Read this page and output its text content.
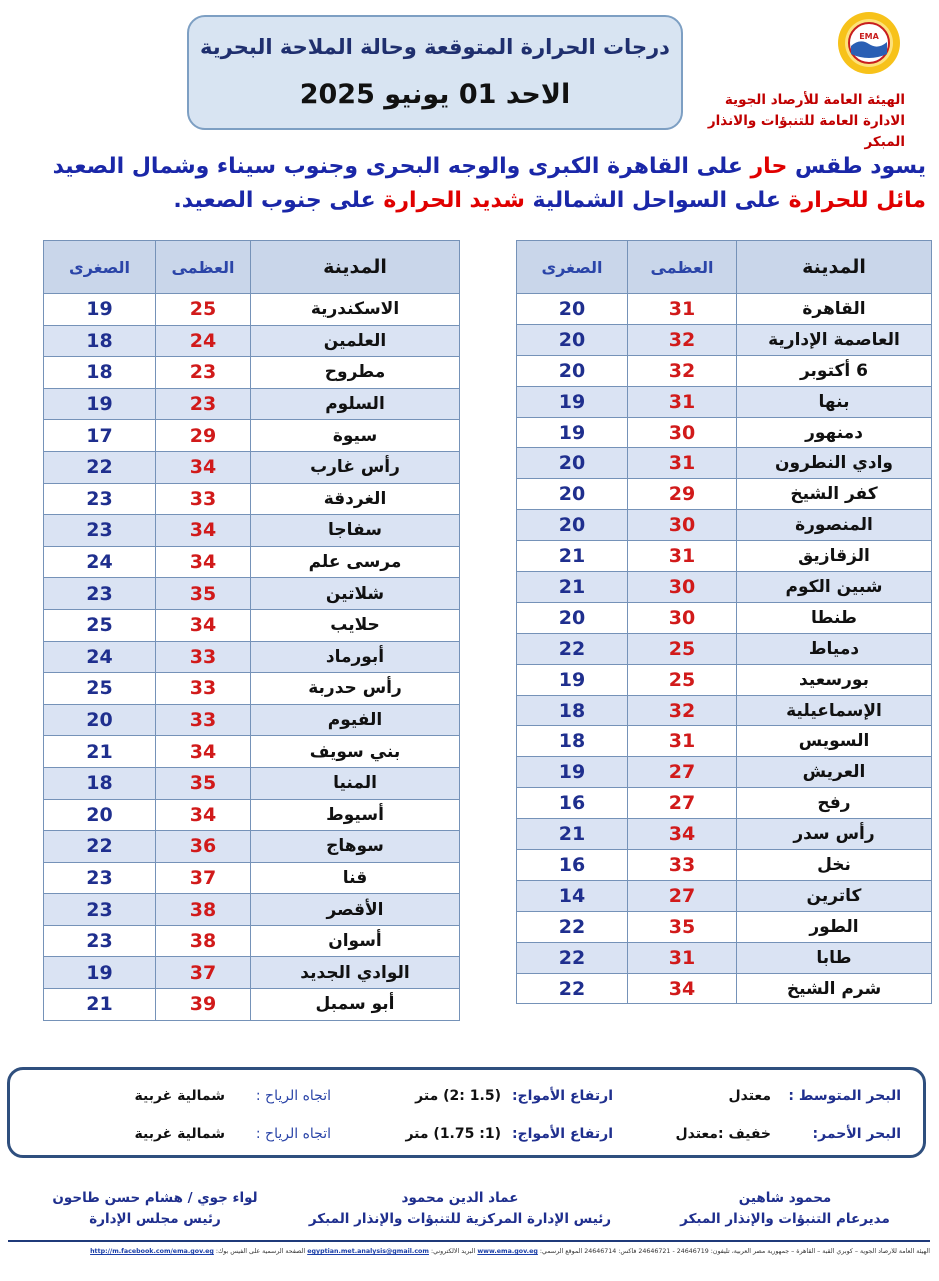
درجات الحرارة المتوقعة وحالة الملاحة البحرية
الاحد 01 يونيو 2025
EMA
الهيئة العامة للأرصاد الجوية
الادارة العامة للتنبؤات والانذار المبكر
يسود طقس حار على القاهرة الكبرى والوجه البحرى وجنوب سيناء وشمال الصعيد مائل للحرارة على السواحل الشمالية شديد الحرارة على جنوب الصعيد.
المدينة	العظمى	الصغرى
القاهرة	31	20
العاصمة الإدارية	32	20
6 أكتوبر	32	20
بنها	31	19
دمنهور	30	19
وادي النطرون	31	20
كفر الشيخ	29	20
المنصورة	30	20
الزقازيق	31	21
شبين الكوم	30	21
طنطا	30	20
دمياط	25	22
بورسعيد	25	19
الإسماعيلية	32	18
السويس	31	18
العريش	27	19
رفح	27	16
رأس سدر	34	21
نخل	33	16
كاترين	27	14
الطور	35	22
طابا	31	22
شرم الشيخ	34	22
المدينة	العظمى	الصغرى
الاسكندرية	25	19
العلمين	24	18
مطروح	23	18
السلوم	23	19
سيوة	29	17
رأس غارب	34	22
الغردقة	33	23
سفاجا	34	23
مرسى علم	34	24
شلاتين	35	23
حلايب	34	25
أبورماد	33	24
رأس حدربة	33	25
الفيوم	33	20
بني سويف	34	21
المنيا	35	18
أسيوط	34	20
سوهاج	36	22
قنا	37	23
الأقصر	38	23
أسوان	38	23
الوادي الجديد	37	19
أبو سمبل	39	21
البحر المتوسط :
معتدل
ارتفاع الأمواج:
(1.5 :2) متر
اتجاه الرياح :
شمالية غربية
البحر الأحمر:
خفيف :معتدل
ارتفاع الأمواج:
(1: 1.75) متر
اتجاه الرياح :
شمالية غربية
محمود شاهين
مديرعام التنبؤات والإنذار المبكر
عماد الدين محمود
رئيس الإدارة المركزية للتنبؤات والإنذار المبكر
لواء جوي / هشام حسن طاحون
رئيس مجلس الإدارة
الهيئة العامة للأرصاد الجوية – كوبري القبة – القاهرة – جمهورية مصر العربية، تليفون: 24646719 - 24646721 فاكس: 24646714 الموقع الرسمي: www.ema.gov.eg البريد الالكتروني: egyptian.met.analysis@gmail.com الصفحة الرسمية على الفيس بوك: http://m.facebook.com/ema.gov.eg
